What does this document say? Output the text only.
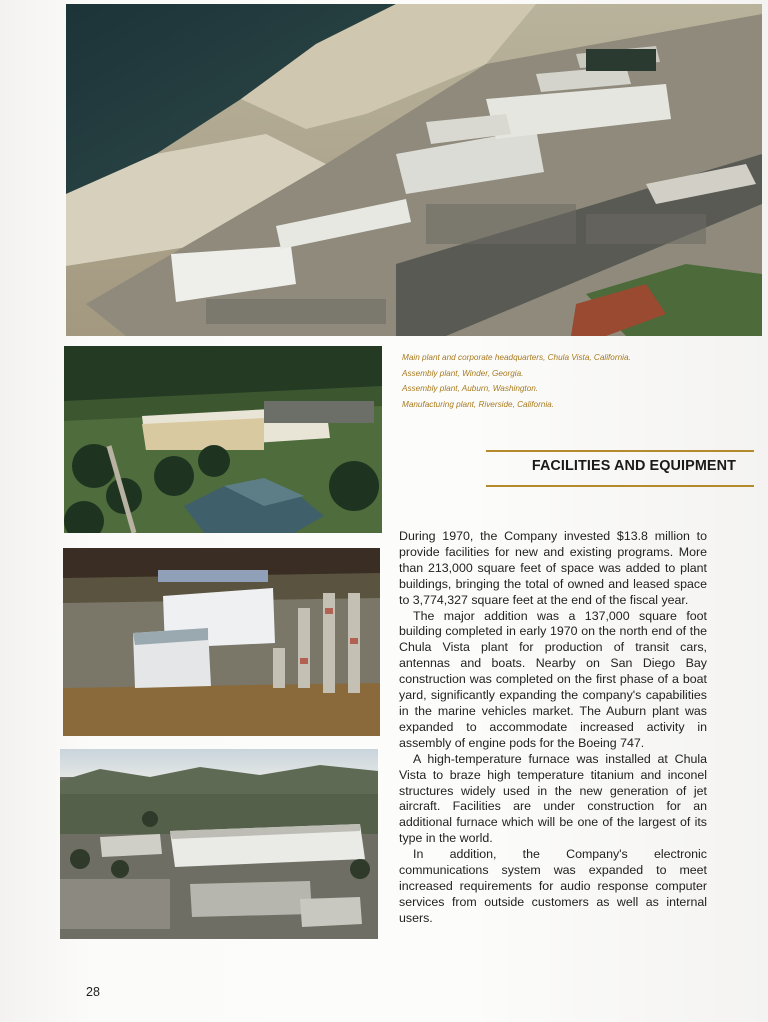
Main plant and corporate headquarters, Chula Vista, California.

Assembly plant, Winder, Georgia.

Assembly plant, Auburn, Washington.

Manufacturing plant, Riverside, California.

FACILITIES AND EQUIPMENT

During 1970, the Company invested $13.8 million to provide facilities for new and existing programs. More than 213,000 square feet of space was added to plant buildings, bringing the total of owned and leased space to 3,774,327 square feet at the end of the fiscal year.

The major addition was a 137,000 square foot building completed in early 1970 on the north end of the Chula Vista plant for production of transit cars, antennas and boats. Nearby on San Diego Bay construction was completed on the first phase of a boat yard, significantly expanding the company's capabilities in the marine vehicles market. The Auburn plant was expanded to accommodate increased activity in assembly of engine pods for the Boeing 747.

A high-temperature furnace was installed at Chula Vista to braze high temperature titanium and inconel structures widely used in the new generation of jet aircraft. Facilities are under construction for an additional furnace which will be one of the largest of its type in the world.

In addition, the Company's electronic communications system was expanded to meet increased requirements for audio response computer services from outside customers as well as internal users.

28
